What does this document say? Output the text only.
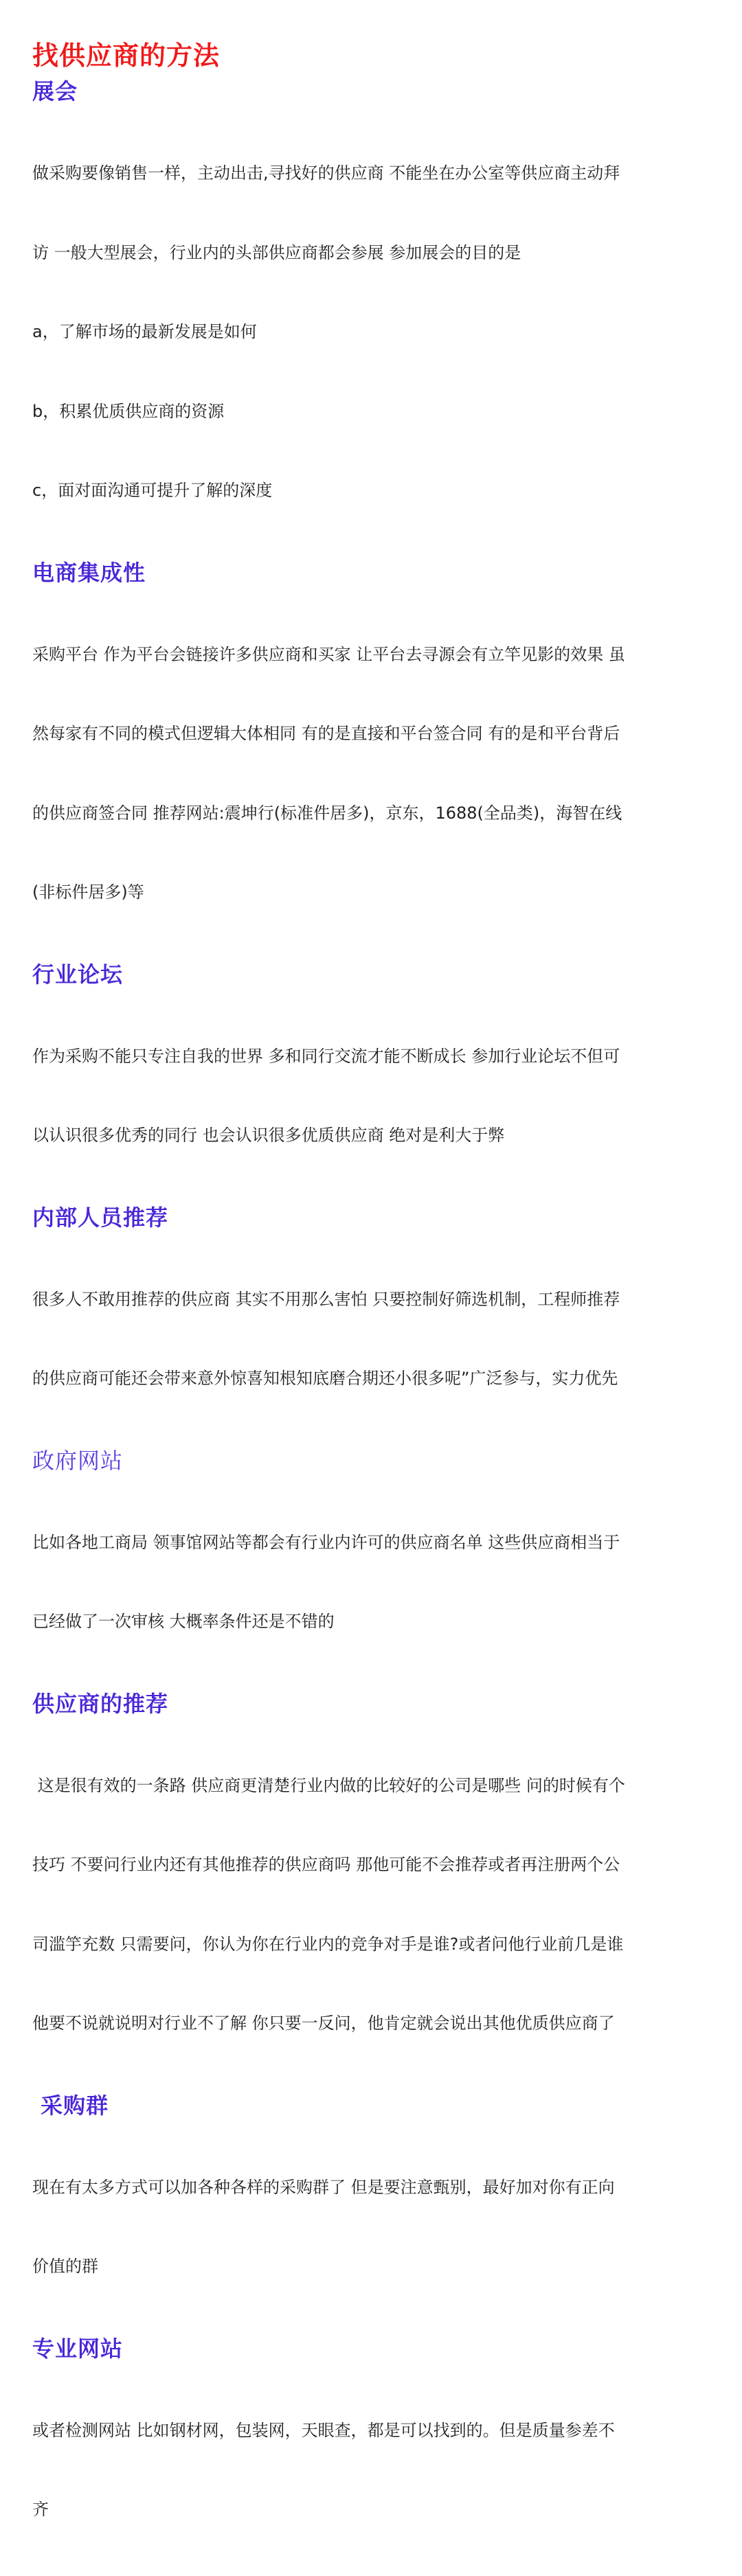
找供应商的方法
展会

做采购要像销售一样，主动出击,寻找好的供应商 不能坐在办公室等供应商主动拜

访 一般大型展会，行业内的头部供应商都会参展 参加展会的目的是

a，了解市场的最新发展是如何

b，积累优质供应商的资源

c，面对面沟通可提升了解的深度

电商集成性

采购平台 作为平台会链接许多供应商和买家 让平台去寻源会有立竿见影的效果 虽

然每家有不同的模式但逻辑大体相同 有的是直接和平台签合同 有的是和平台背后

的供应商签合同 推荐网站:震坤行(标准件居多)，京东，1688(全品类)，海智在线

(非标件居多)等

行业论坛

作为采购不能只专注自我的世界 多和同行交流才能不断成长 参加行业论坛不但可

以认识很多优秀的同行 也会认识很多优质供应商 绝对是利大于弊

内部人员推荐

很多人不敢用推荐的供应商 其实不用那么害怕 只要控制好筛选机制，工程师推荐

的供应商可能还会带来意外惊喜知根知底磨合期还小很多呢”广泛参与，实力优先

政府网站

比如各地工商局 领事馆网站等都会有行业内许可的供应商名单 这些供应商相当于

已经做了一次审核 大概率条件还是不错的

供应商的推荐

这是很有效的一条路 供应商更清楚行业内做的比较好的公司是哪些 问的时候有个

技巧 不要问行业内还有其他推荐的供应商吗 那他可能不会推荐或者再注册两个公

司滥竽充数 只需要问，你认为你在行业内的竞争对手是谁?或者问他行业前几是谁

他要不说就说明对行业不了解 你只要一反问，他肯定就会说出其他优质供应商了

采购群

现在有太多方式可以加各种各样的采购群了 但是要注意甄别，最好加对你有正向

价值的群

专业网站

或者检测网站 比如钢材网，包装网，天眼查，都是可以找到的。但是质量参差不

齐
